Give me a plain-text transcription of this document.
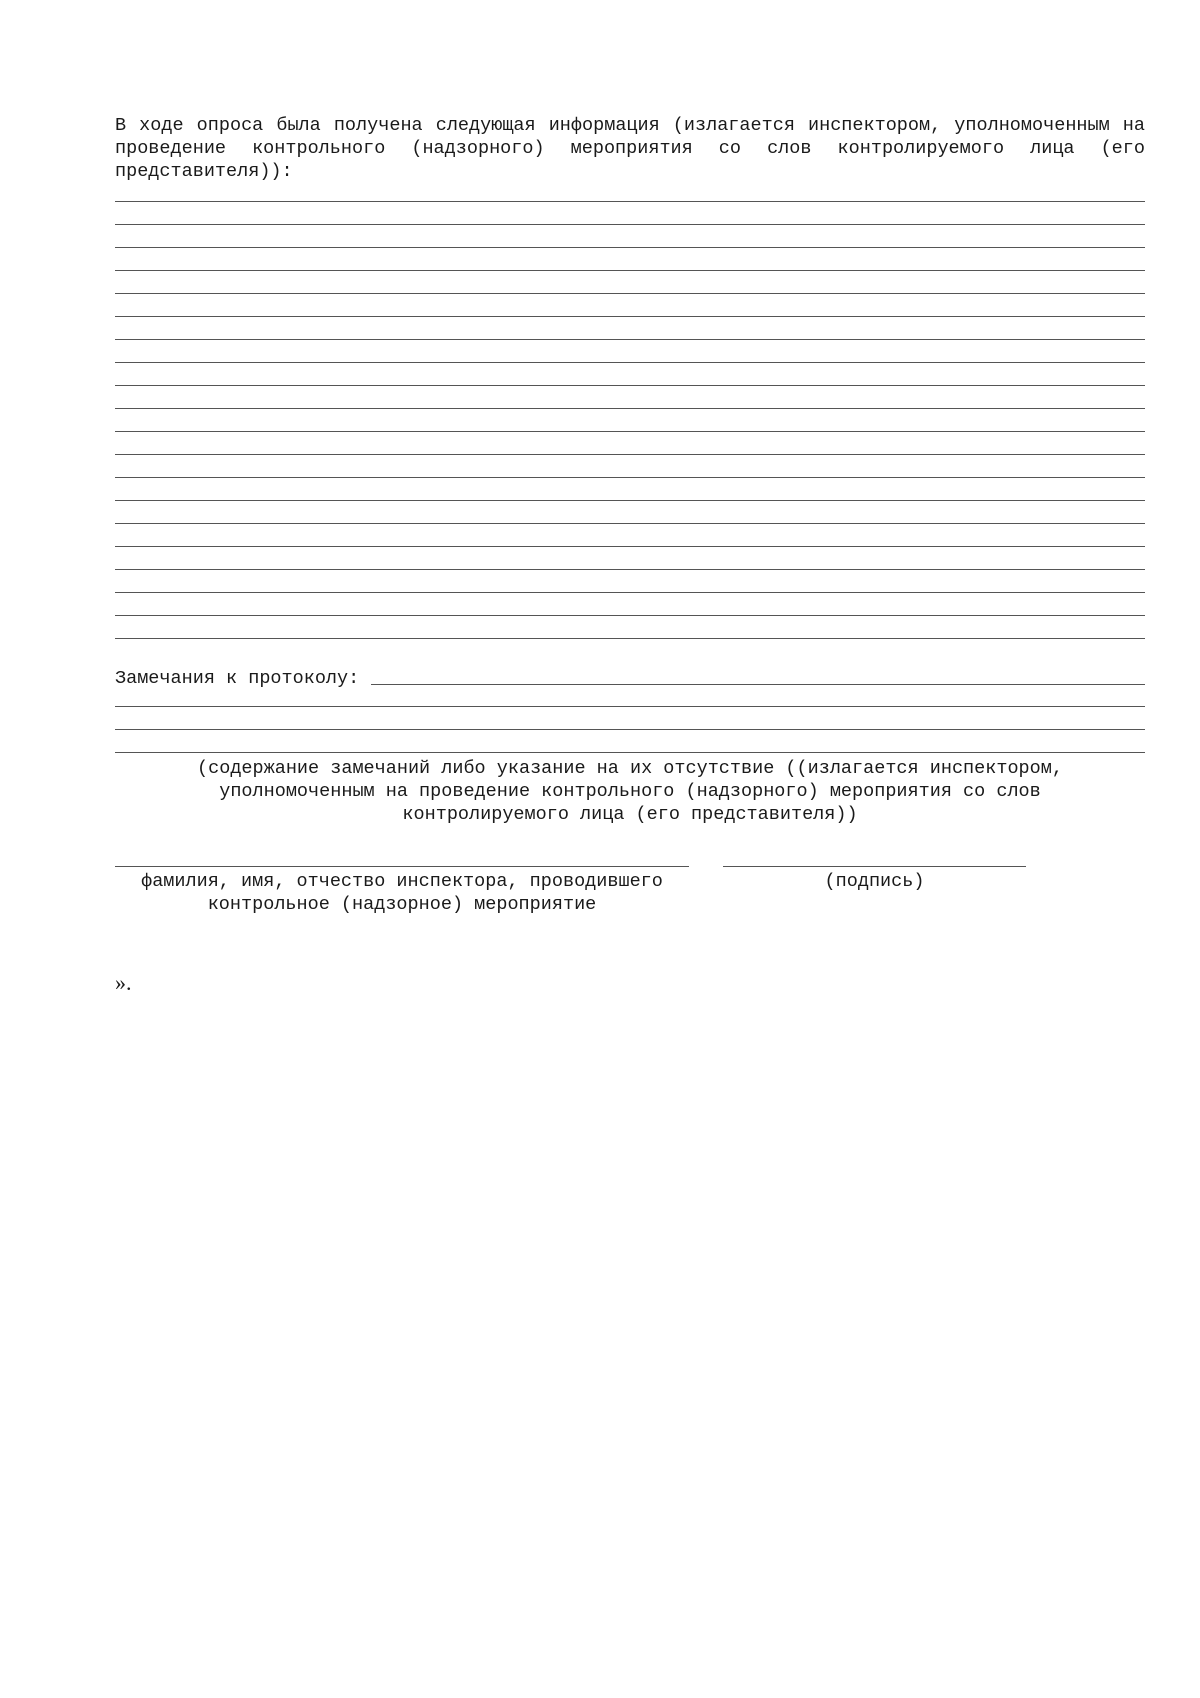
В ходе опроса была получена следующая информация (излагается инспектором, уполномоченным на проведение контрольного (надзорного) мероприятия со слов контролируемого лица (его представителя)):

Замечания к протоколу:

(содержание замечаний либо указание на их отсутствие ((излагается инспектором, уполномоченным на проведение контрольного (надзорного) мероприятия со слов контролируемого лица (его представителя))

фамилия, имя, отчество инспектора, проводившего контрольное (надзорное) мероприятие

(подпись)

».
